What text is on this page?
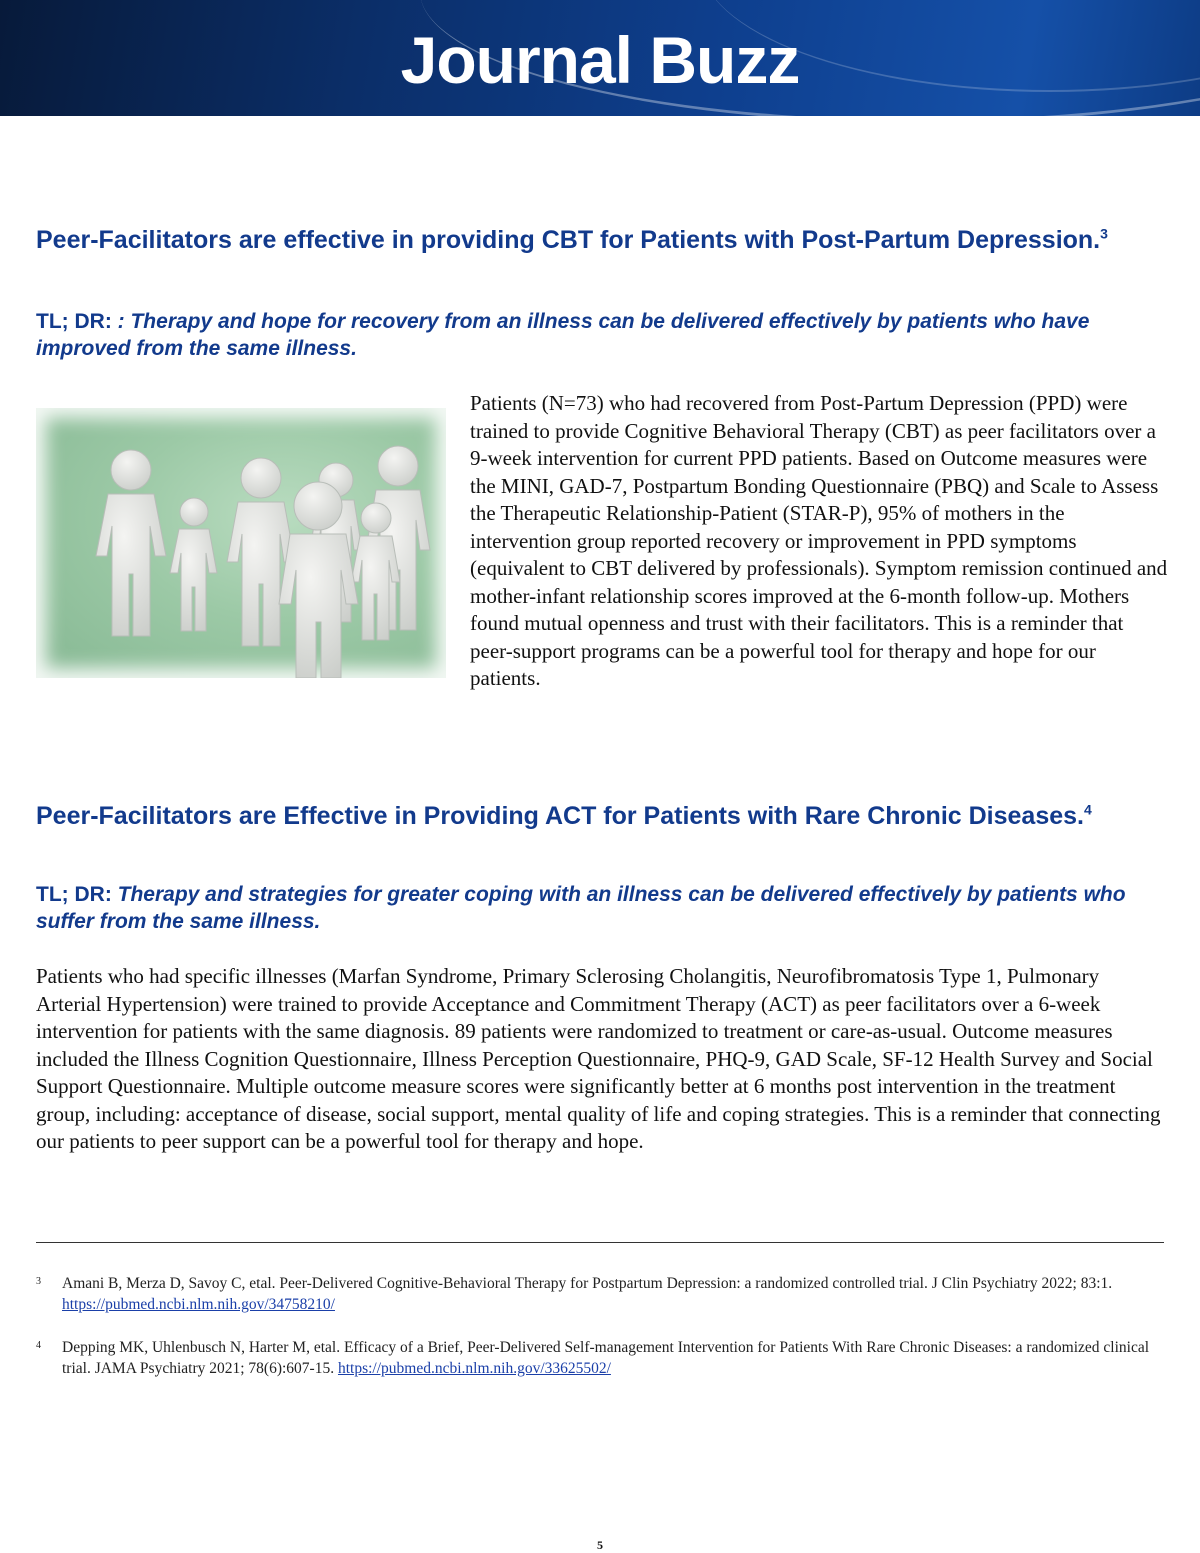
Journal Buzz
Peer-Facilitators are effective in providing CBT for Patients with Post-Partum Depression.$^3$

TL; DR: : Therapy and hope for recovery from an illness can be delivered effectively by patients who have improved from the same illness.

Patients (N=73) who had recovered from Post-Partum Depression (PPD) were trained to provide Cognitive Behavioral Therapy (CBT) as peer facilitators over a 9-week intervention for current PPD patients. Based on Outcome measures were the MINI, GAD-7, Postpartum Bonding Questionnaire (PBQ) and Scale to Assess the Therapeutic Relationship-Patient (STAR-P), 95% of mothers in the intervention group reported recovery or improvement in PPD symptoms (equivalent to CBT delivered by professionals). Symptom remission continued and mother-infant relationship scores improved at the 6-month follow-up. Mothers found mutual openness and trust with their facilitators. This is a reminder that peer-support programs can be a powerful tool for therapy and hope for our patients.

Peer-Facilitators are Effective in Providing ACT for Patients with Rare Chronic Diseases.$^4$

TL; DR: Therapy and strategies for greater coping with an illness can be delivered effectively by patients who suffer from the same illness.

Patients who had specific illnesses (Marfan Syndrome, Primary Sclerosing Cholangitis, Neurofibromatosis Type 1, Pulmonary Arterial Hypertension) were trained to provide Acceptance and Commitment Therapy (ACT) as peer facilitators over a 6-week intervention for patients with the same diagnosis. 89 patients were randomized to treatment or care-as-usual. Outcome measures included the Illness Cognition Questionnaire, Illness Perception Questionnaire, PHQ-9, GAD Scale, SF-12 Health Survey and Social Support Questionnaire. Multiple outcome measure scores were significantly better at 6 months post intervention in the treatment group, including: acceptance of disease, social support, mental quality of life and coping strategies. This is a reminder that connecting our patients to peer support can be a powerful tool for therapy and hope.

3 Amani B, Merza D, Savoy C, etal. Peer-Delivered Cognitive-Behavioral Therapy for Postpartum Depression: a randomized controlled trial. J Clin Psychiatry 2022; 83:1. https://pubmed.ncbi.nlm.nih.gov/34758210/

4 Depping MK, Uhlenbusch N, Harter M, etal. Efficacy of a Brief, Peer-Delivered Self-management Intervention for Patients With Rare Chronic Diseases: a randomized clinical trial. JAMA Psychiatry 2021; 78(6):607-15. https://pubmed.ncbi.nlm.nih.gov/33625502/

5
